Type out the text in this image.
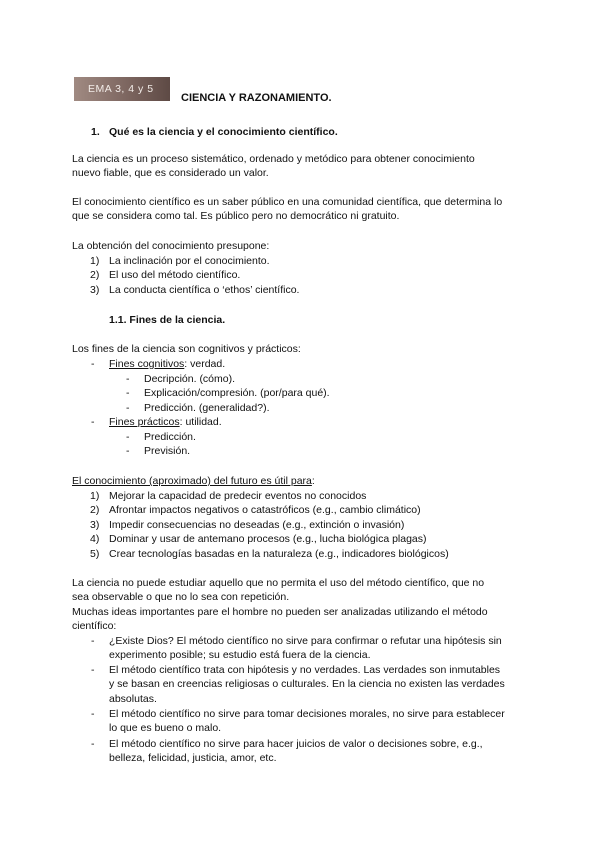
EMA 3, 4 y 5
CIENCIA Y RAZONAMIENTO.
1. Qué es la ciencia y el conocimiento científico.
La ciencia es un proceso sistemático, ordenado y metódico para obtener conocimiento
nuevo fiable, que es considerado un valor.
El conocimiento científico es un saber público en una comunidad científica, que determina lo
que se considera como tal. Es público pero no democrático ni gratuito.
La obtención del conocimiento presupone:
1) La inclinación por el conocimiento.
2) El uso del método científico.
3) La conducta científica o ‘ethos’ científico.
1.1. Fines de la ciencia.
Los fines de la ciencia son cognitivos y prácticos:
- Fines cognitivos: verdad.
- Decripción. (cómo).
- Explicación/compresión. (por/para qué).
- Predicción. (generalidad?).
- Fines prácticos: utilidad.
- Predicción.
- Previsión.
El conocimiento (aproximado) del futuro es útil para:
1) Mejorar la capacidad de predecir eventos no conocidos
2) Afrontar impactos negativos o catastróficos (e.g., cambio climático)
3) Impedir consecuencias no deseadas (e.g., extinción o invasión)
4) Dominar y usar de antemano procesos (e.g., lucha biológica plagas)
5) Crear tecnologías basadas en la naturaleza (e.g., indicadores biológicos)
La ciencia no puede estudiar aquello que no permita el uso del método científico, que no
sea observable o que no lo sea con repetición.
Muchas ideas importantes pare el hombre no pueden ser analizadas utilizando el método
científico:
- ¿Existe Dios? El método científico no sirve para confirmar o refutar una hipótesis sin
experimento posible; su estudio está fuera de la ciencia.
- El método científico trata con hipótesis y no verdades. Las verdades son inmutables
y se basan en creencias religiosas o culturales. En la ciencia no existen las verdades
absolutas.
- El método científico no sirve para tomar decisiones morales, no sirve para establecer
lo que es bueno o malo.
- El método científico no sirve para hacer juicios de valor o decisiones sobre, e.g.,
belleza, felicidad, justicia, amor, etc.
